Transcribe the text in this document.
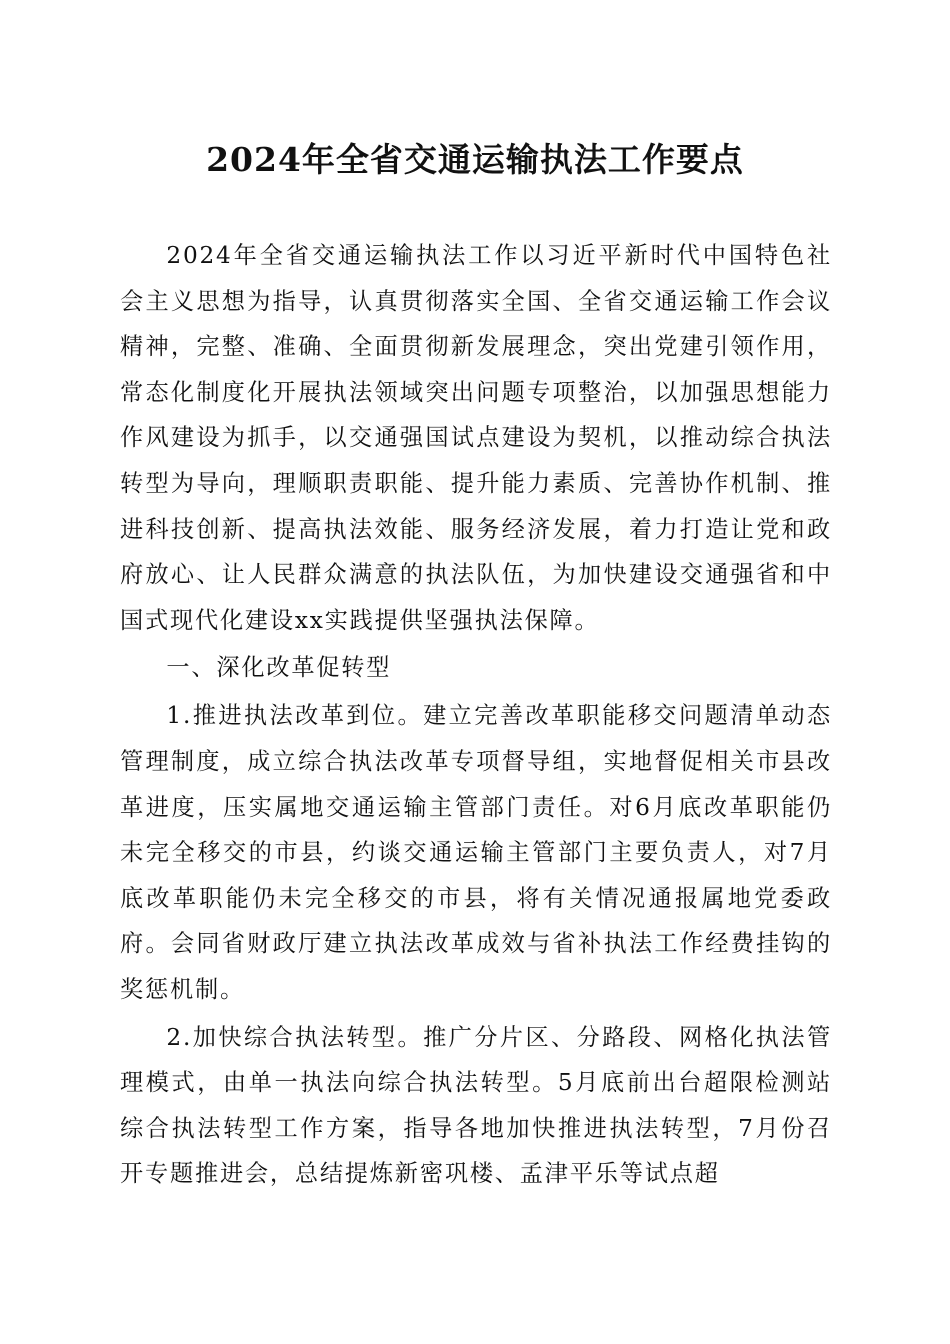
2024年全省交通运输执法工作要点

2024年全省交通运输执法工作以习近平新时代中国特色社会主义思想为指导，认真贯彻落实全国、全省交通运输工作会议精神，完整、准确、全面贯彻新发展理念，突出党建引领作用，常态化制度化开展执法领域突出问题专项整治，以加强思想能力作风建设为抓手，以交通强国试点建设为契机，以推动综合执法转型为导向，理顺职责职能、提升能力素质、完善协作机制、推进科技创新、提高执法效能、服务经济发展，着力打造让党和政府放心、让人民群众满意的执法队伍，为加快建设交通强省和中国式现代化建设xx实践提供坚强执法保障。

一、深化改革促转型

1.推进执法改革到位。建立完善改革职能移交问题清单动态管理制度，成立综合执法改革专项督导组，实地督促相关市县改革进度，压实属地交通运输主管部门责任。对6月底改革职能仍未完全移交的市县，约谈交通运输主管部门主要负责人，对7月底改革职能仍未完全移交的市县，将有关情况通报属地党委政府。会同省财政厅建立执法改革成效与省补执法工作经费挂钩的奖惩机制。

2.加快综合执法转型。推广分片区、分路段、网格化执法管理模式，由单一执法向综合执法转型。5月底前出台超限检测站综合执法转型工作方案，指导各地加快推进执法转型，7月份召开专题推进会，总结提炼新密巩楼、孟津平乐等试点超
